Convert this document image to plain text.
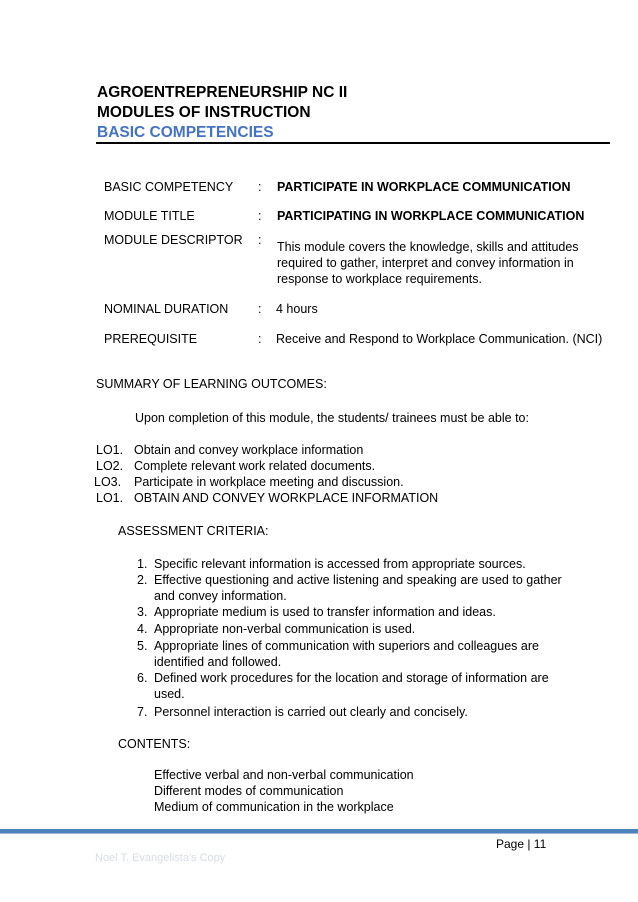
AGROENTREPRENEURSHIP NC II
MODULES OF INSTRUCTION
BASIC COMPETENCIES
BASIC COMPETENCY : PARTICIPATE IN WORKPLACE COMMUNICATION
MODULE TITLE	: PARTICIPATING IN WORKPLACE COMMUNICATION
MODULE DESCRIPTOR : This module covers the knowledge, skills and attitudes
required to gather, interpret and convey information in
response to workplace requirements.
NOMINAL DURATION : 4 hours
PREREQUISITE	: Receive and Respond to Workplace Communication. (NCI)
SUMMARY OF LEARNING OUTCOMES:
Upon completion of this module, the students/ trainees must be able to:
LO1. Obtain and convey workplace information
LO2. Complete relevant work related documents.
LO3. Participate in workplace meeting and discussion.
LO1. OBTAIN AND CONVEY WORKPLACE INFORMATION
ASSESSMENT CRITERIA:
1. Specific relevant information is accessed from appropriate sources.
2. Effective questioning and active listening and speaking are used to gather
and convey information.
3. Appropriate medium is used to transfer information and ideas.
4. Appropriate non-verbal communication is used.
5. Appropriate lines of communication with superiors and colleagues are
identified and followed.
6. Defined work procedures for the location and storage of information are
used.
7. Personnel interaction is carried out clearly and concisely.
CONTENTS:
Effective verbal and non-verbal communication
Different modes of communication
Medium of communication in the workplace
Page | 11
Noel T. Evangelista's Copy
